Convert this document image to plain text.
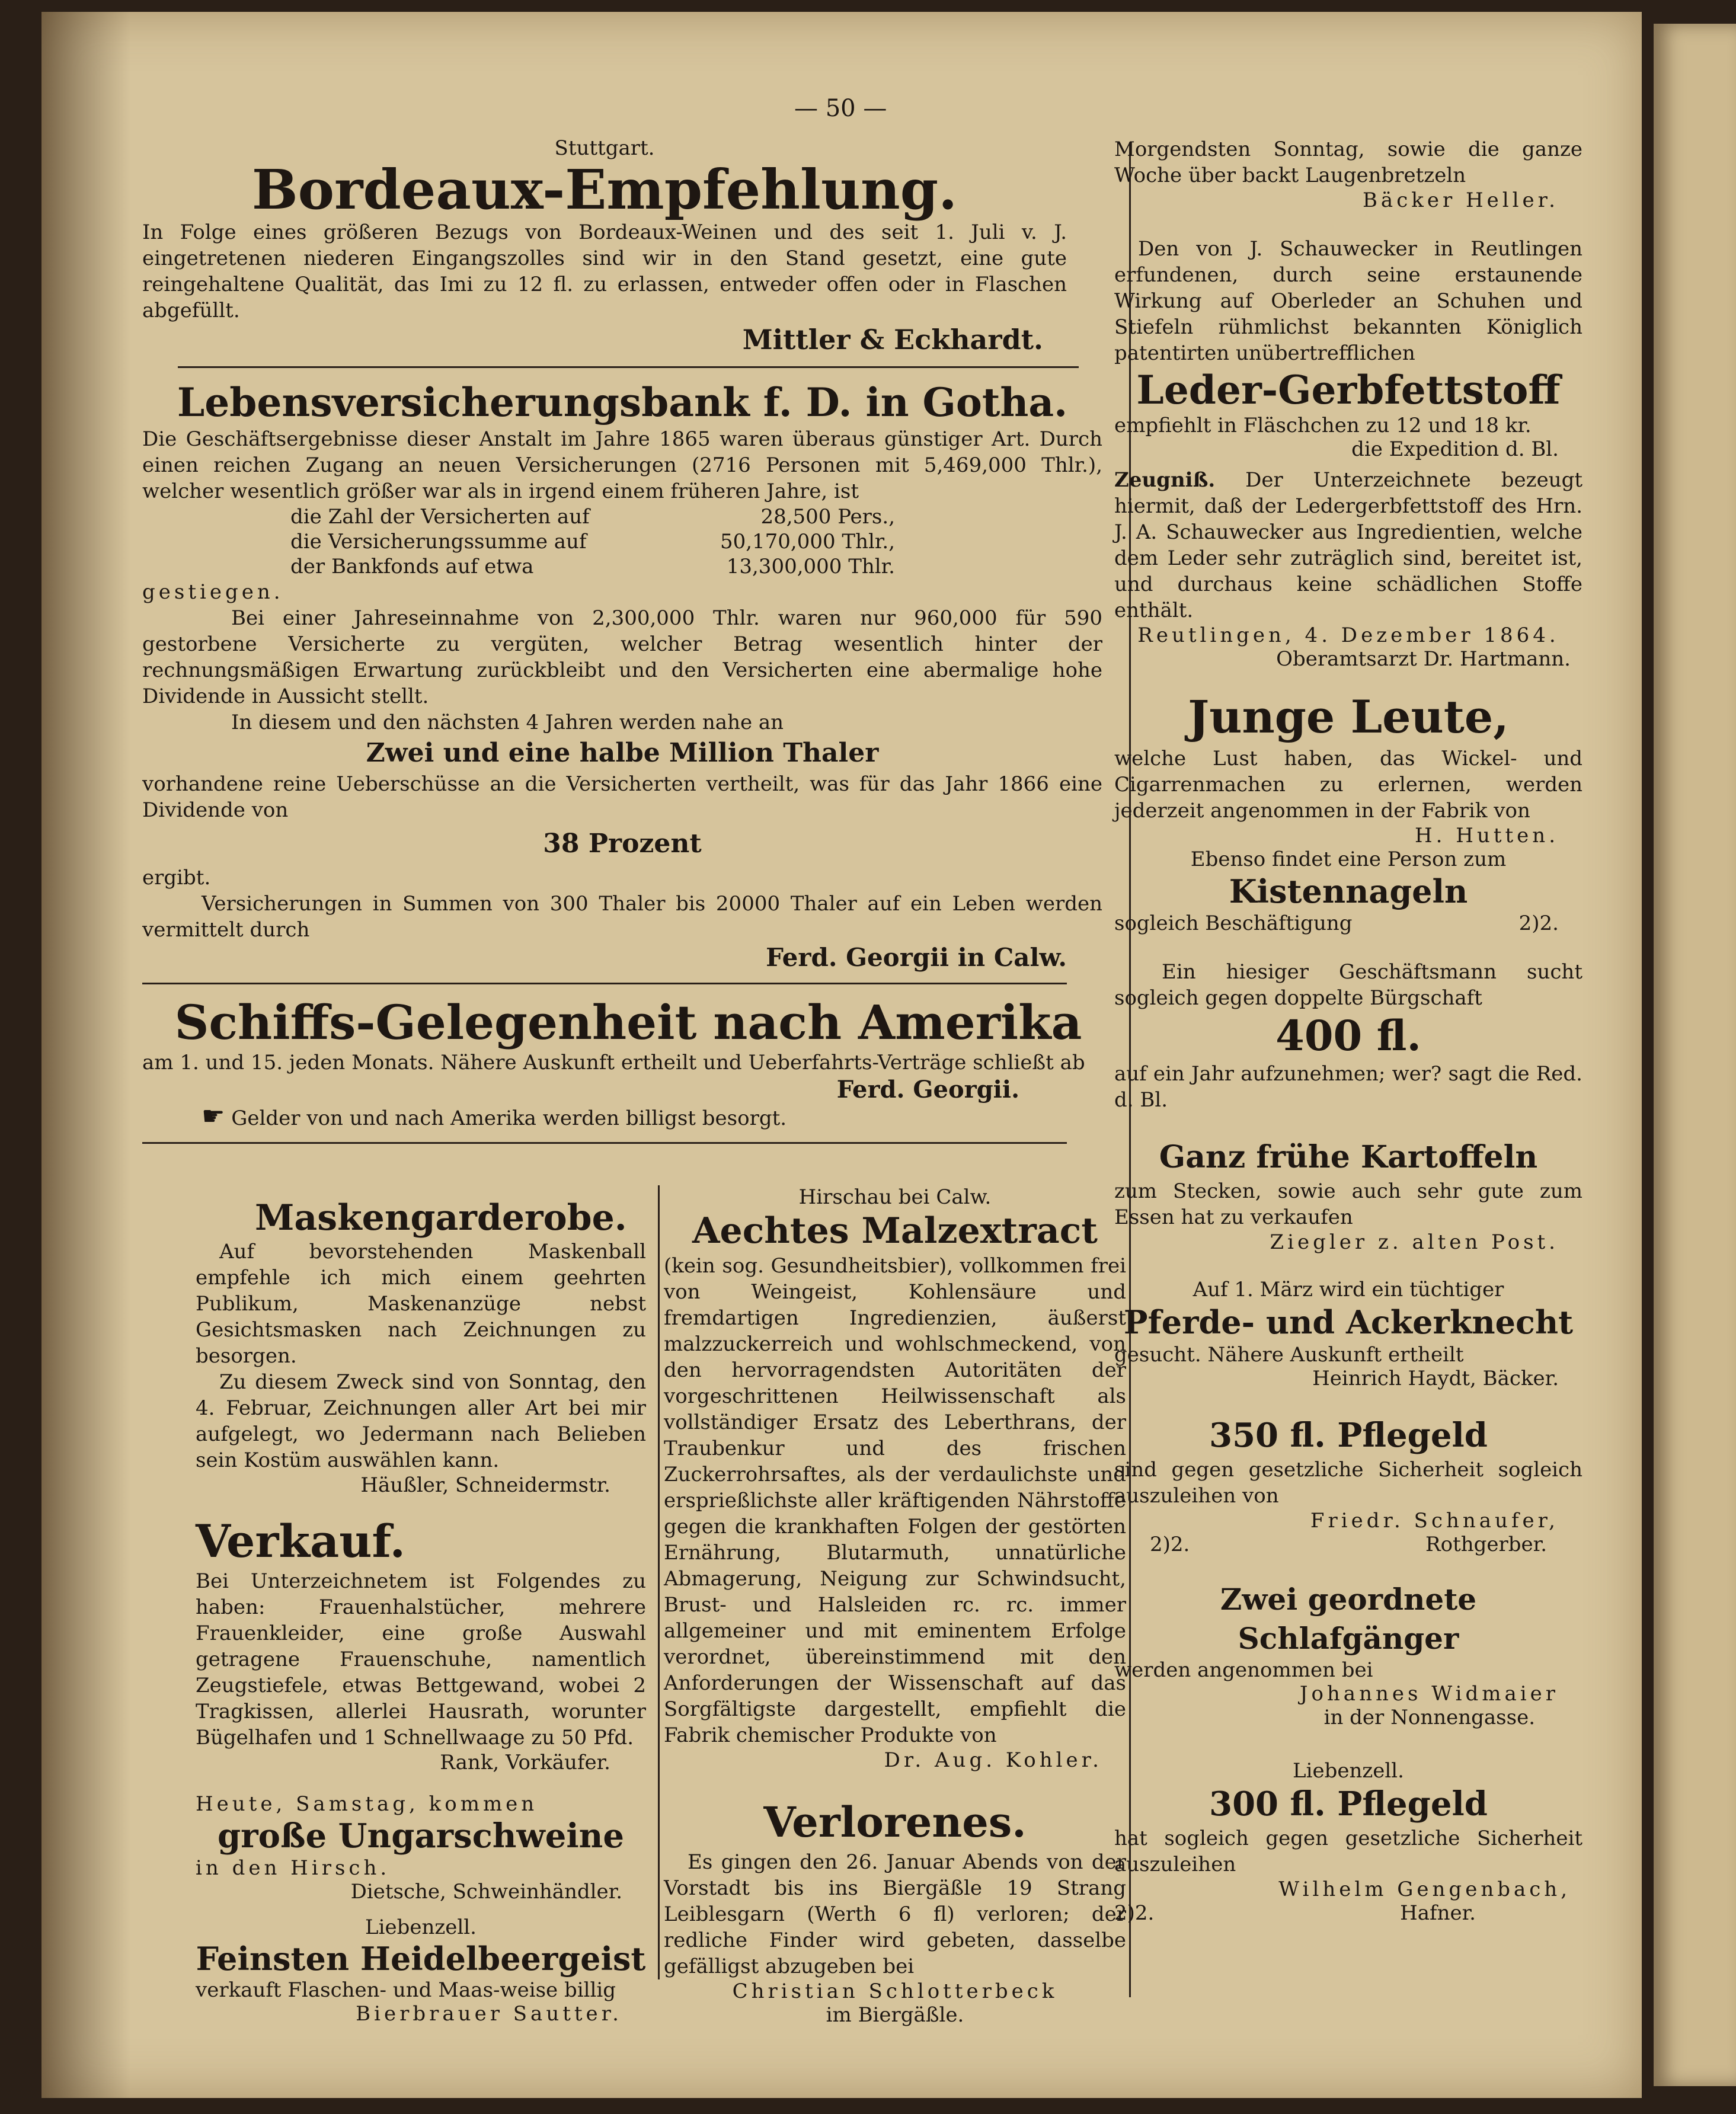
— 50 —
Stuttgart.
Bordeaux-Empfehlung.
In Folge eines größeren Bezugs von Bordeaux-Weinen und des seit 1. Juli v. J. eingetretenen niederen Eingangszolles sind wir in den Stand gesetzt, eine gute reingehaltene Qualität, das Imi zu 12 fl. zu erlassen, entweder offen oder in Flaschen abgefüllt.
Mittler & Eckhardt.
Lebensversicherungsbank f. D. in Gotha.
Die Geschäftsergebnisse dieser Anstalt im Jahre 1865 waren überaus günstiger Art. Durch einen reichen Zugang an neuen Versicherungen (2716 Personen mit 5,469,000 Thlr.), welcher wesentlich größer war als in irgend einem früheren Jahre, ist
die Zahl der Versicherten auf	28,500 Pers.,
die Versicherungssumme auf	50,170,000 Thlr.,
der Bankfonds auf etwa	13,300,000 Thlr.
gestiegen.
Bei einer Jahreseinnahme von 2,300,000 Thlr. waren nur 960,000 für 590 gestorbene Versicherte zu vergüten, welcher Betrag wesentlich hinter der rechnungsmäßigen Erwartung zurückbleibt und den Versicherten eine abermalige hohe Dividende in Aussicht stellt.
In diesem und den nächsten 4 Jahren werden nahe an
Zwei und eine halbe Million Thaler
vorhandene reine Ueberschüsse an die Versicherten vertheilt, was für das Jahr 1866 eine Dividende von
38 Prozent
ergibt.
Versicherungen in Summen von 300 Thaler bis 20000 Thaler auf ein Leben werden vermittelt durch
Ferd. Georgii in Calw.
Schiffs-Gelegenheit nach Amerika
am 1. und 15. jeden Monats. Nähere Auskunft ertheilt und Ueberfahrts-Verträge schließt ab
Ferd. Georgii.
☛ Gelder von und nach Amerika werden billigst besorgt.
Maskengarderobe.
Auf bevorstehenden Maskenball empfehle ich mich einem geehrten Publikum, Maskenanzüge nebst Gesichtsmasken nach Zeichnungen zu besorgen.
Zu diesem Zweck sind von Sonntag, den 4. Februar, Zeichnungen aller Art bei mir aufgelegt, wo Jedermann nach Belieben sein Kostüm auswählen kann.
Häußler, Schneidermstr.
Verkauf.
Bei Unterzeichnetem ist Folgendes zu haben: Frauenhalstücher, mehrere Frauenkleider, eine große Auswahl getragene Frauenschuhe, namentlich Zeugstiefele, etwas Bettgewand, wobei 2 Tragkissen, allerlei Hausrath, worunter Bügelhafen und 1 Schnellwaage zu 50 Pfd.
Rank, Vorkäufer.
Heute, Samstag, kommen
große Ungarschweine
in den Hirsch.
Dietsche, Schweinhändler.
Liebenzell.
Feinsten Heidelbeergeist
verkauft Flaschen- und Maas-weise billig
Bierbrauer Sautter.
Hirschau bei Calw.
Aechtes Malzextract
(kein sog. Gesundheitsbier), vollkommen frei von Weingeist, Kohlensäure und fremdartigen Ingredienzien, äußerst malzzuckerreich und wohlschmeckend, von den hervorragendsten Autoritäten der vorgeschrittenen Heilwissenschaft als vollständiger Ersatz des Leberthrans, der Traubenkur und des frischen Zuckerrohrsaftes, als der verdaulichste und ersprießlichste aller kräftigenden Nährstoffe gegen die krankhaften Folgen der gestörten Ernährung, Blutarmuth, unnatürliche Abmagerung, Neigung zur Schwindsucht, Brust- und Halsleiden rc. rc. immer allgemeiner und mit eminentem Erfolge verordnet, übereinstimmend mit den Anforderungen der Wissenschaft auf das Sorgfältigste dargestellt, empfiehlt die Fabrik chemischer Produkte von
Dr. Aug. Kohler.
Verlorenes.
Es gingen den 26. Januar Abends von der Vorstadt bis ins Biergäßle 19 Strang Leiblesgarn (Werth 6 fl) verloren; der redliche Finder wird gebeten, dasselbe gefälligst abzugeben bei
Christian Schlotterbeck
im Biergäßle.
Morgendsten Sonntag, sowie die ganze Woche über backt Laugenbretzeln
Bäcker Heller.
Den von J. Schauwecker in Reutlingen erfundenen, durch seine erstaunende Wirkung auf Oberleder an Schuhen und Stiefeln rühmlichst bekannten Königlich patentirten unübertrefflichen
Leder-Gerbfettstoff
empfiehlt in Fläschchen zu 12 und 18 kr.
die Expedition d. Bl.
Zeugniß. Der Unterzeichnete bezeugt hiermit, daß der Ledergerbfettstoff des Hrn. J. A. Schauwecker aus Ingredientien, welche dem Leder sehr zuträglich sind, bereitet ist, und durchaus keine schädlichen Stoffe enthält.
Reutlingen, 4. Dezember 1864.
Oberamtsarzt Dr. Hartmann.
Junge Leute,
welche Lust haben, das Wickel- und Cigarrenmachen zu erlernen, werden jederzeit angenommen in der Fabrik von
H. Hutten.
Ebenso findet eine Person zum
Kistennageln
sogleich Beschäftigung	2)2.
Ein hiesiger Geschäftsmann sucht sogleich gegen doppelte Bürgschaft
400 fl.
auf ein Jahr aufzunehmen; wer? sagt die Red. d. Bl.
Ganz frühe Kartoffeln
zum Stecken, sowie auch sehr gute zum Essen hat zu verkaufen
Ziegler z. alten Post.
Auf 1. März wird ein tüchtiger
Pferde- und Ackerknecht
gesucht. Nähere Auskunft ertheilt
Heinrich Haydt, Bäcker.
350 fl. Pflegeld
sind gegen gesetzliche Sicherheit sogleich auszuleihen von
Friedr. Schnaufer,
2)2.	Rothgerber.
Zwei geordnete Schlafgänger
werden angenommen bei
Johannes Widmaier
in der Nonnengasse.
Liebenzell.
300 fl. Pflegeld
hat sogleich gegen gesetzliche Sicherheit auszuleihen
Wilhelm Gengenbach,
2)2.	Hafner.
